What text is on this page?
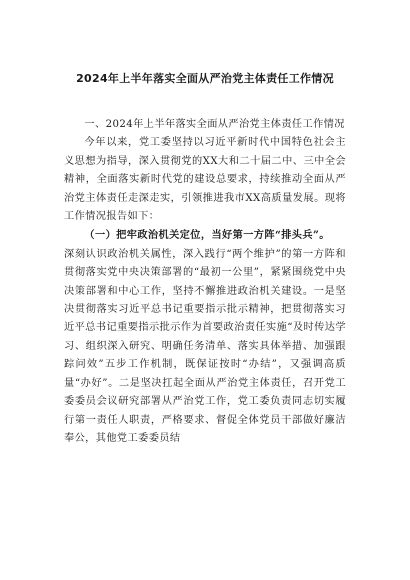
2024年上半年落实全面从严治党主体责任工作情况

一、2024年上半年落实全面从严治党主体责任工作情况

今年以来，党工委坚持以习近平新时代中国特色社会主义思想为指导，深入贯彻党的XX大和二十届二中、三中全会精神，全面落实新时代党的建设总要求，持续推动全面从严治党主体责任走深走实，引领推进我市XX高质量发展。现将工作情况报告如下：

（一）把牢政治机关定位，当好第一方阵“排头兵”。

深刻认识政治机关属性，深入践行“两个维护”的第一方阵和贯彻落实党中央决策部署的“最初一公里”，紧紧围绕党中央决策部署和中心工作，坚持不懈推进政治机关建设。一是坚决贯彻落实习近平总书记重要指示批示精神，把贯彻落实习近平总书记重要指示批示作为首要政治责任实施“及时传达学习、组织深入研究、明确任务清单、落实具体举措、加强跟踪问效”五步工作机制，既保证按时“办结”，又强调高质量“办好”。二是坚决扛起全面从严治党主体责任，召开党工委委员会议研究部署从严治党工作，党工委负责同志切实履行第一责任人职责，严格要求、督促全体党员干部做好廉洁奉公，其他党工委委员结
